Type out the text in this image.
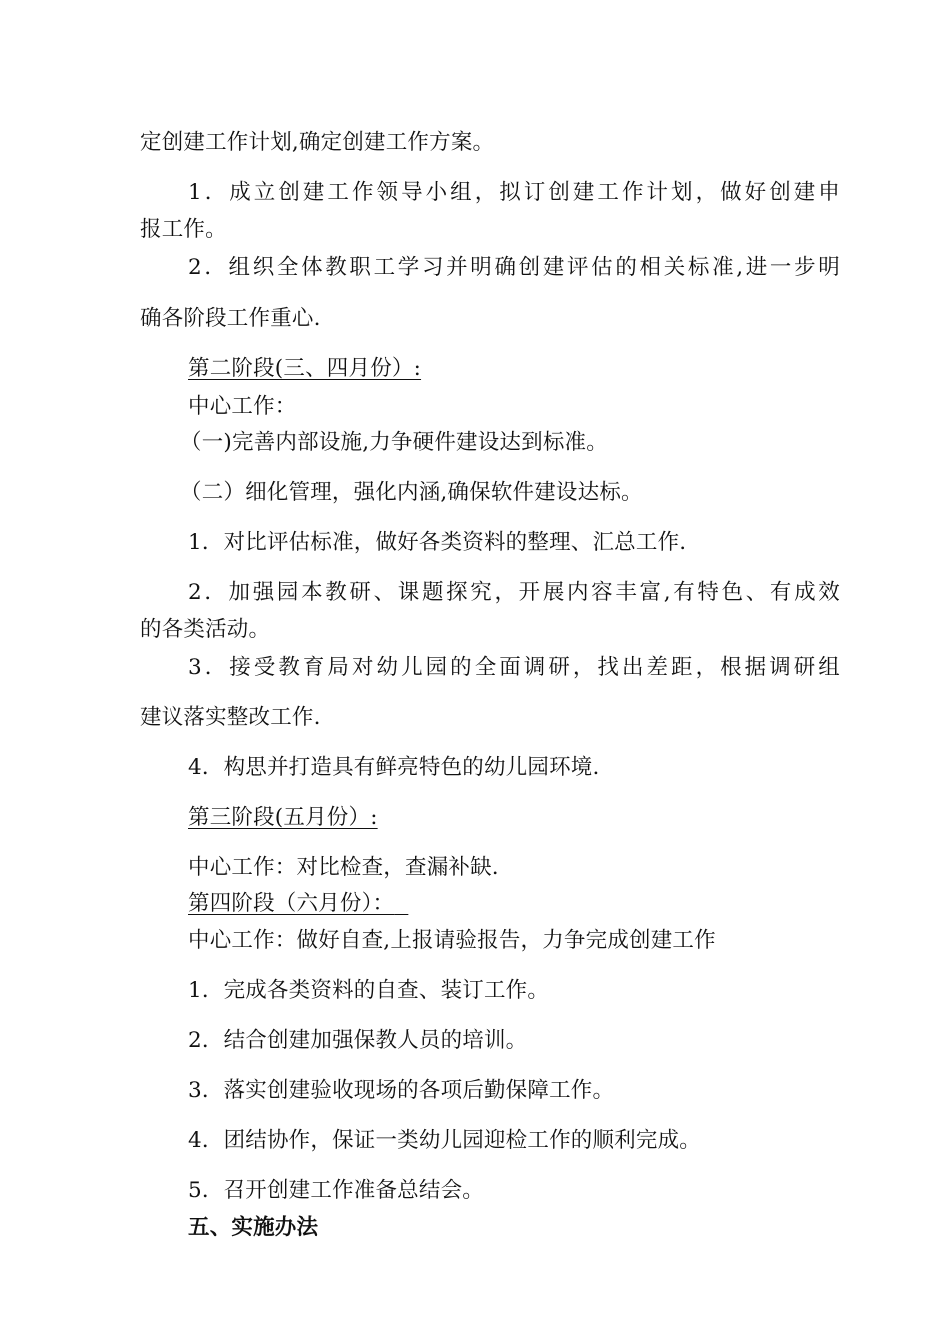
定创建工作计划,确定创建工作方案。
1．成立创建工作领导小组，拟订创建工作计划，做好创建申
报工作。
2．组织全体教职工学习并明确创建评估的相关标准,进一步明
确各阶段工作重心.
第二阶段(三、四月份）:
中心工作：
（一)完善内部设施,力争硬件建设达到标准。
（二）细化管理，强化内涵,确保软件建设达标。
1．对比评估标准，做好各类资料的整理、汇总工作.
2．加强园本教研、课题探究，开展内容丰富,有特色、有成效
的各类活动。
3．接受教育局对幼儿园的全面调研，找出差距，根据调研组
建议落实整改工作.
4．构思并打造具有鲜亮特色的幼儿园环境.
第三阶段(五月份）:
中心工作：对比检查，查漏补缺.
第四阶段（六月份）：
中心工作：做好自查,上报请验报告，力争完成创建工作
1．完成各类资料的自查、装订工作。
2．结合创建加强保教人员的培训。
3．落实创建验收现场的各项后勤保障工作。
4．团结协作，保证一类幼儿园迎检工作的顺利完成。
5．召开创建工作准备总结会。
五、实施办法
